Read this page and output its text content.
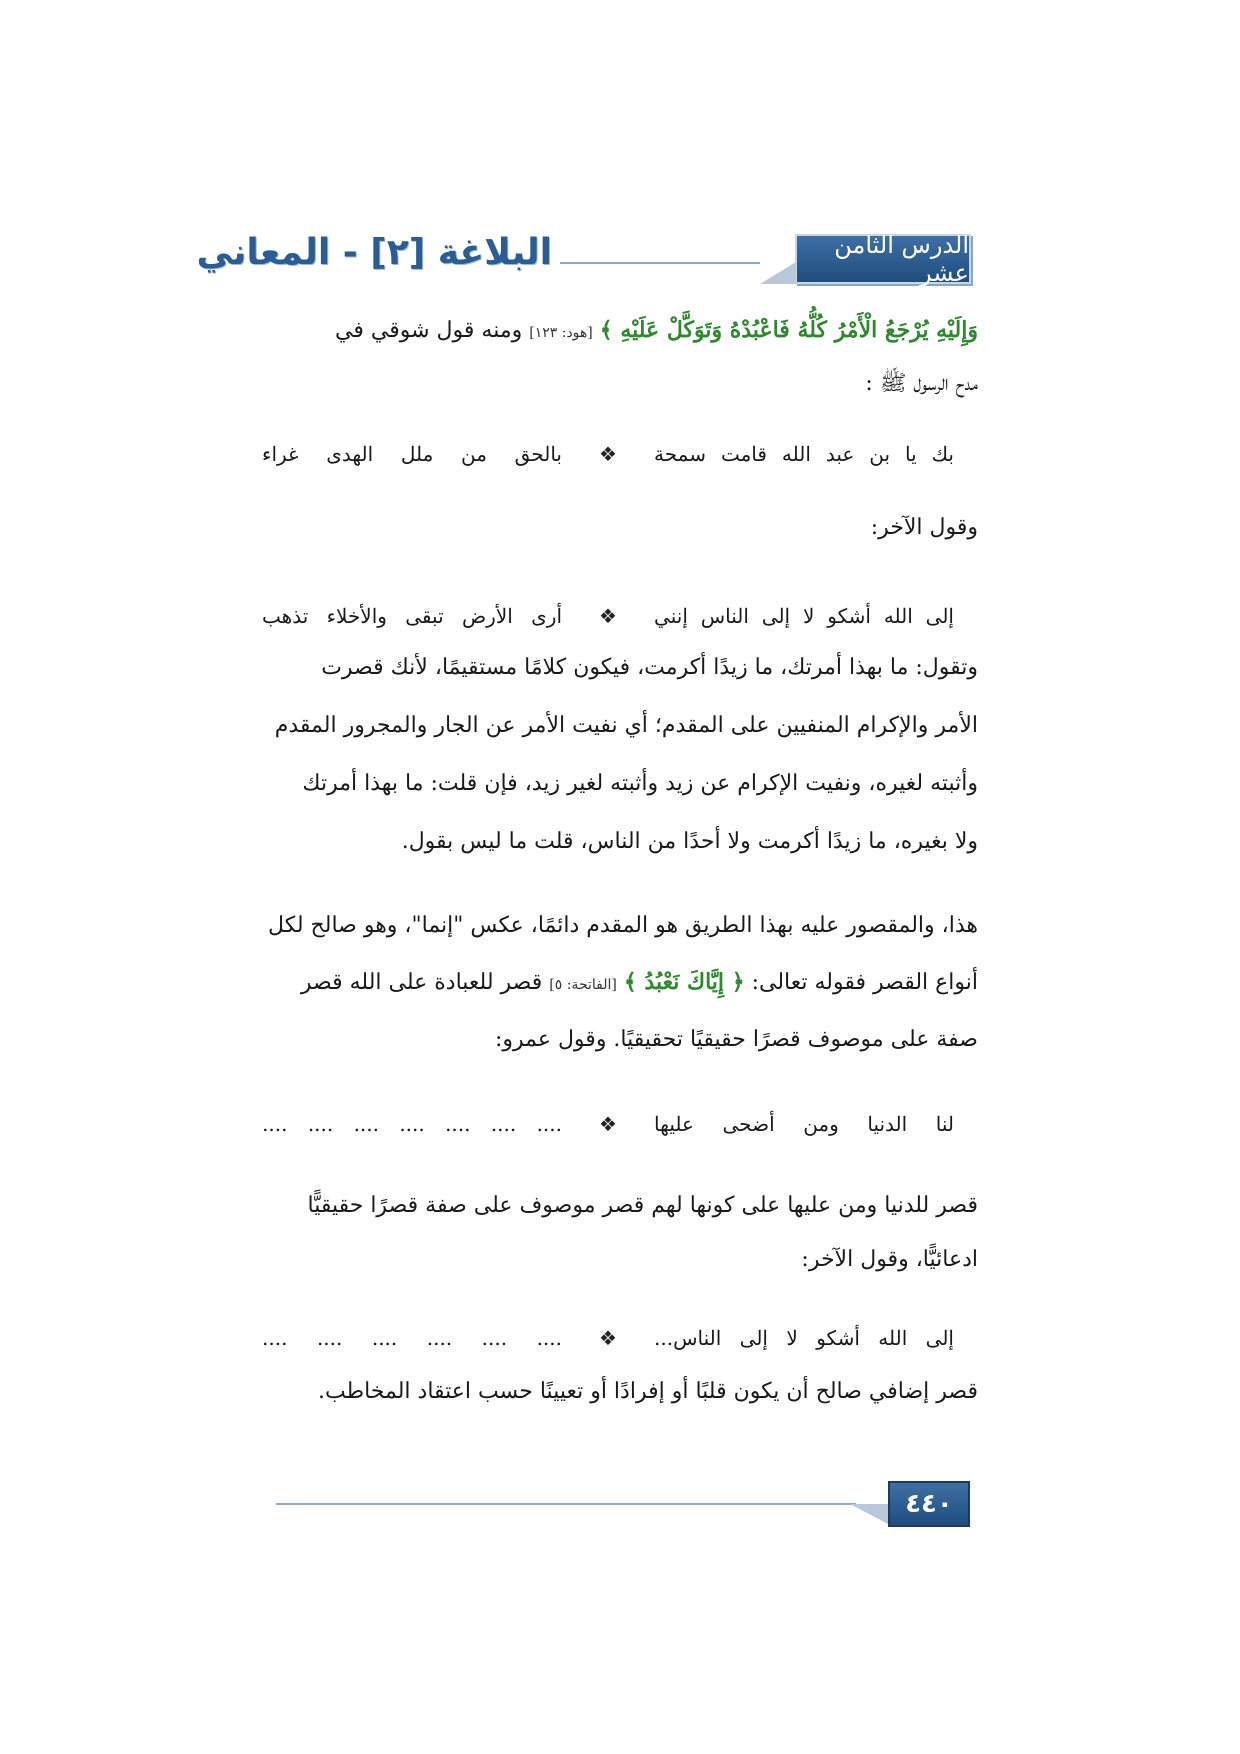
الدرس الثامن عشر
البلاغة [٢] - المعاني
وَإِلَيْهِ يُرْجَعُ الْأَمْرُ كُلُّهُ فَاعْبُدْهُ وَتَوَكَّلْ عَلَيْهِ ﴾ [هود: ١٢٣] ومنه قول شوقي في
مدح الرسول ﷺ :
بك
يا
بن
عبد
الله
قامت
سمحة
❖
بالحق
من
ملل
الهدى
غراء
وقول الآخر:
إلى
الله
أشكو
لا
إلى
الناس
إنني
❖
أرى
الأرض
تبقى
والأخلاء
تذهب
وتقول: ما بهذا أمرتك، ما زيدًا أكرمت، فيكون كلامًا مستقيمًا، لأنك قصرت
الأمر والإكرام المنفيين على المقدم؛ أي نفيت الأمر عن الجار والمجرور المقدم
وأثبته لغيره، ونفيت الإكرام عن زيد وأثبته لغير زيد، فإن قلت: ما بهذا أمرتك
ولا بغيره، ما زيدًا أكرمت ولا أحدًا من الناس، قلت ما ليس بقول.
هذا، والمقصور عليه بهذا الطريق هو المقدم دائمًا، عكس "إنما"، وهو صالح لكل
أنواع القصر فقوله تعالى: ﴿ إِيَّاكَ نَعْبُدُ ﴾ [الفاتحة: ٥] قصر للعبادة على الله قصر
صفة على موصوف قصرًا حقيقيًا تحقيقيًا. وقول عمرو:
لنا
الدنيا
ومن
أضحى
عليها
❖
....
....
....
....
....
....
....
قصر للدنيا ومن عليها على كونها لهم قصر موصوف على صفة قصرًا حقيقيًّا
ادعائيًّا، وقول الآخر:
إلى
الله
أشكو
لا
إلى
الناس...
❖
....
....
....
....
....
....
قصر إضافي صالح أن يكون قلبًا أو إفرادًا أو تعيينًا حسب اعتقاد المخاطب.
٤٤٠
